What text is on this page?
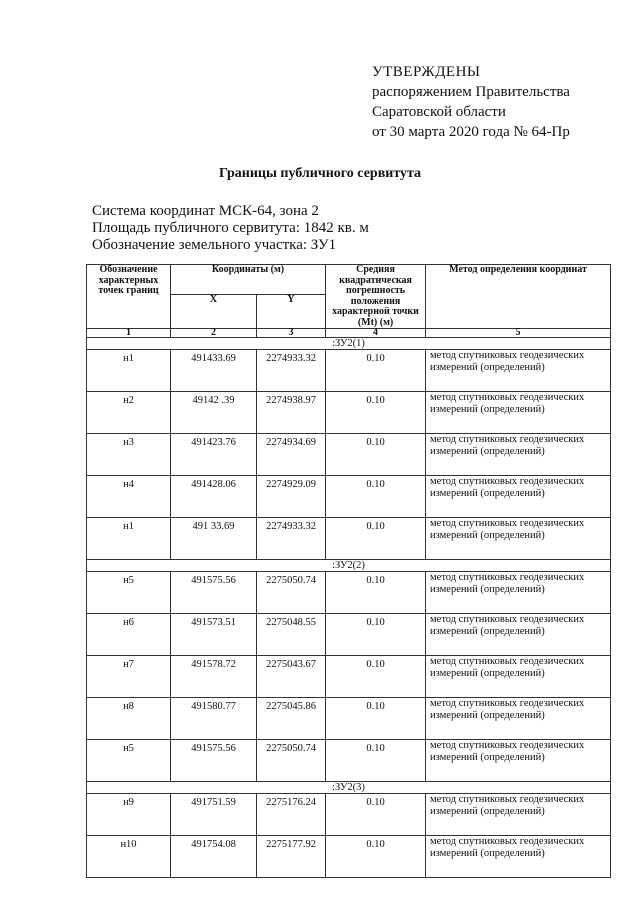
УТВЕРЖДЕНЫ
распоряжением Правительства
Саратовской области
от 30 марта 2020 года № 64-Пр
Границы публичного сервитута
Система координат МСК-64, зона 2
Площадь публичного сервитута: 1842 кв. м
Обозначение земельного участка: ЗУ1
Обозначение характерных точек границ	Координаты (м)		Средняя квадратическая погрешность положения характерной точки (Mt) (м)	Метод определения координат
	X	Y		
1	2	3	4	5
:ЗУ2(1)				
н1	491433.69	2274933.32	0.10	метод спутниковых геодезических измерений (определений)
н2	49142 .39	2274938.97	0.10	метод спутниковых геодезических измерений (определений)
н3	491423.76	2274934.69	0.10	метод спутниковых геодезических измерений (определений)
н4	491428.06	2274929.09	0.10	метод спутниковых геодезических измерений (определений)
н1	491 33.69	2274933.32	0.10	метод спутниковых геодезических измерений (определений)
:ЗУ2(2)				
н5	491575.56	2275050.74	0.10	метод спутниковых геодезических измерений (определений)
н6	491573.51	2275048.55	0.10	метод спутниковых геодезических измерений (определений)
н7	491578.72	2275043.67	0.10	метод спутниковых геодезических измерений (определений)
н8	491580.77	2275045.86	0.10	метод спутниковых геодезических измерений (определений)
н5	491575.56	2275050.74	0.10	метод спутниковых геодезических измерений (определений)
:ЗУ2(3)				
н9	491751.59	2275176.24	0.10	метод спутниковых геодезических измерений (определений)
н10	491754.08	2275177.92	0.10	метод спутниковых геодезических измерений (определений)
